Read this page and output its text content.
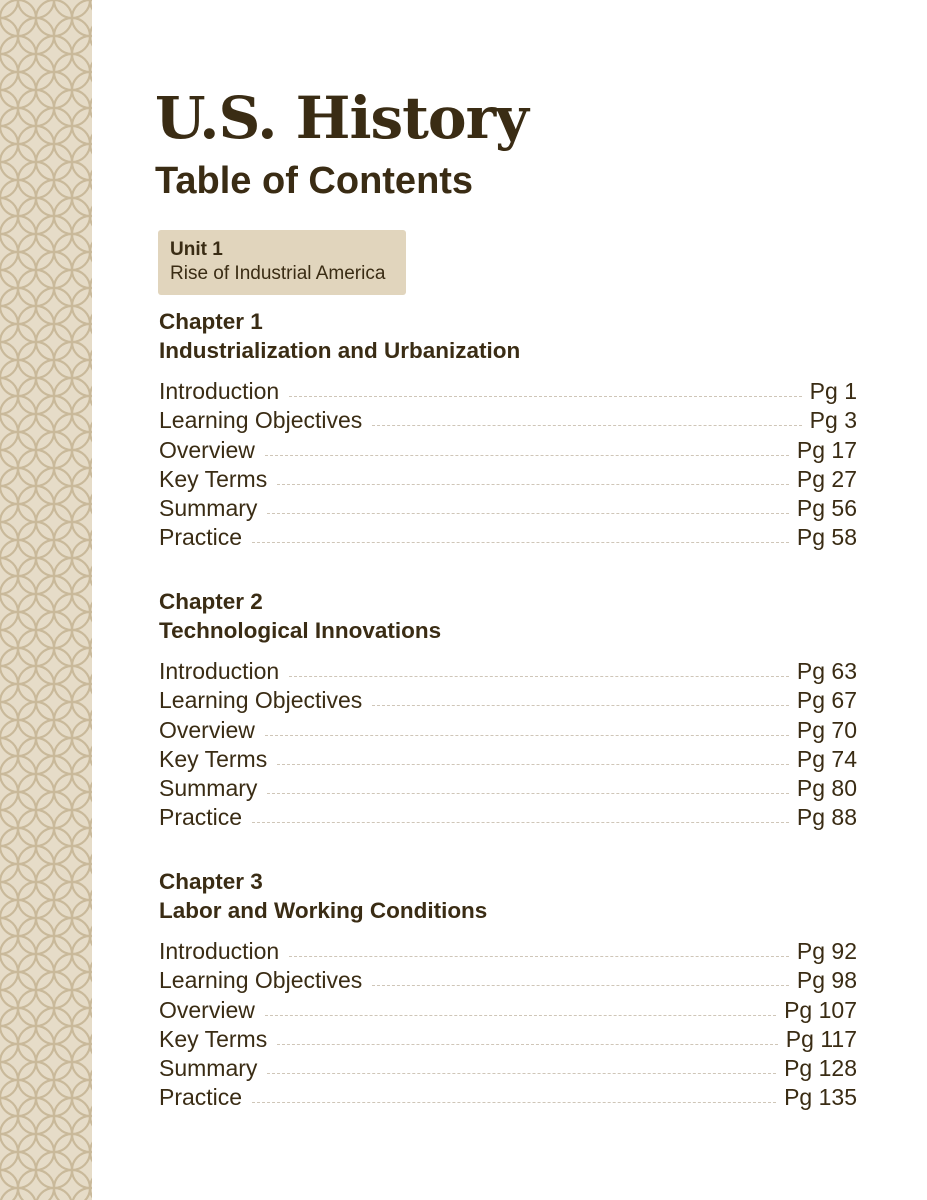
U.S. History
Table of Contents
Unit 1
Rise of Industrial America
Chapter 1
Industrialization and Urbanization
Introduction	Pg 1
Learning Objectives	Pg 3
Overview	Pg 17
Key Terms	Pg 27
Summary	Pg 56
Practice	Pg 58
Chapter 2
Technological Innovations
Introduction	Pg 63
Learning Objectives	Pg 67
Overview	Pg 70
Key Terms	Pg 74
Summary	Pg 80
Practice	Pg 88
Chapter 3
Labor and Working Conditions
Introduction	Pg 92
Learning Objectives	Pg 98
Overview	Pg 107
Key Terms	Pg 117
Summary	Pg 128
Practice	Pg 135
